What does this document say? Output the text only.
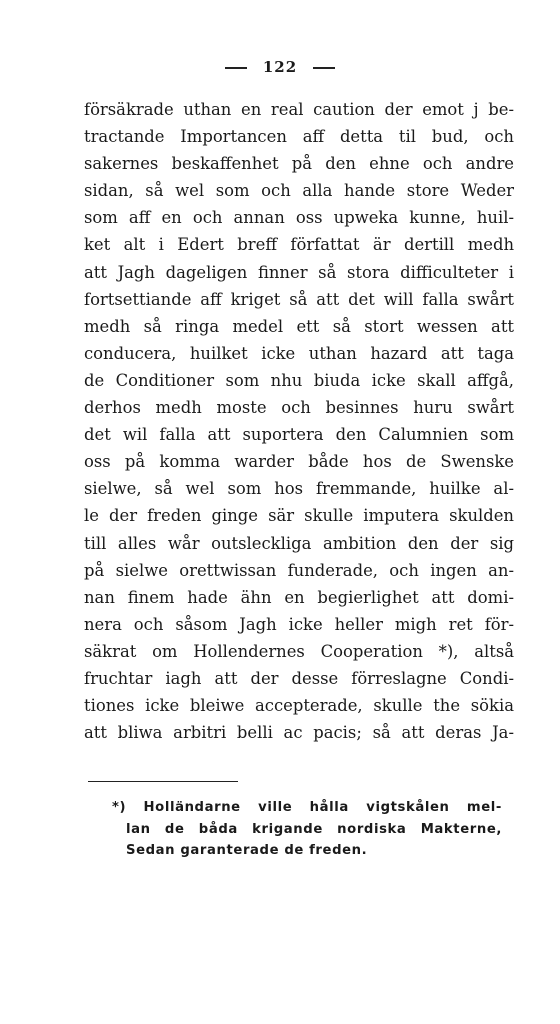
122
försäkrade uthan en real caution der emot j be-
tractande Importancen aff detta til bud, och
sakernes beskaffenhet på den ehne och andre
sidan, så wel som och alla hande store Weder
som aff en och annan oss upweka kunne, huil-
ket alt i Edert breff författat är dertill medh
att Jagh dageligen finner så stora difficulteter i
fortsettiande aff kriget så att det will falla swårt
medh så ringa medel ett så stort wessen att
conducera, huilket icke uthan hazard att taga
de Conditioner som nhu biuda icke skall affgå,
derhos medh moste och besinnes huru swårt
det wil falla att suportera den Calumnien som
oss på komma warder både hos de Swenske
sielwe, så wel som hos fremmande, huilke al-
le der freden ginge sär skulle imputera skulden
till alles wår outsleckliga ambition den der sig
på sielwe orettwissan funderade, och ingen an-
nan finem hade ähn en begierlighet att domi-
nera och såsom Jagh icke heller migh ret för-
säkrat om Hollendernes Cooperation *), altså
fruchtar iagh att der desse förreslagne Condi-
tiones icke bleiwe accepterade, skulle the sökia
att bliwa arbitri belli ac pacis; så att deras Ja-
*) Holländarne ville hålla vigtskålen mel-
lan de båda krigande nordiska Makterne,
Sedan garanterade de freden.
